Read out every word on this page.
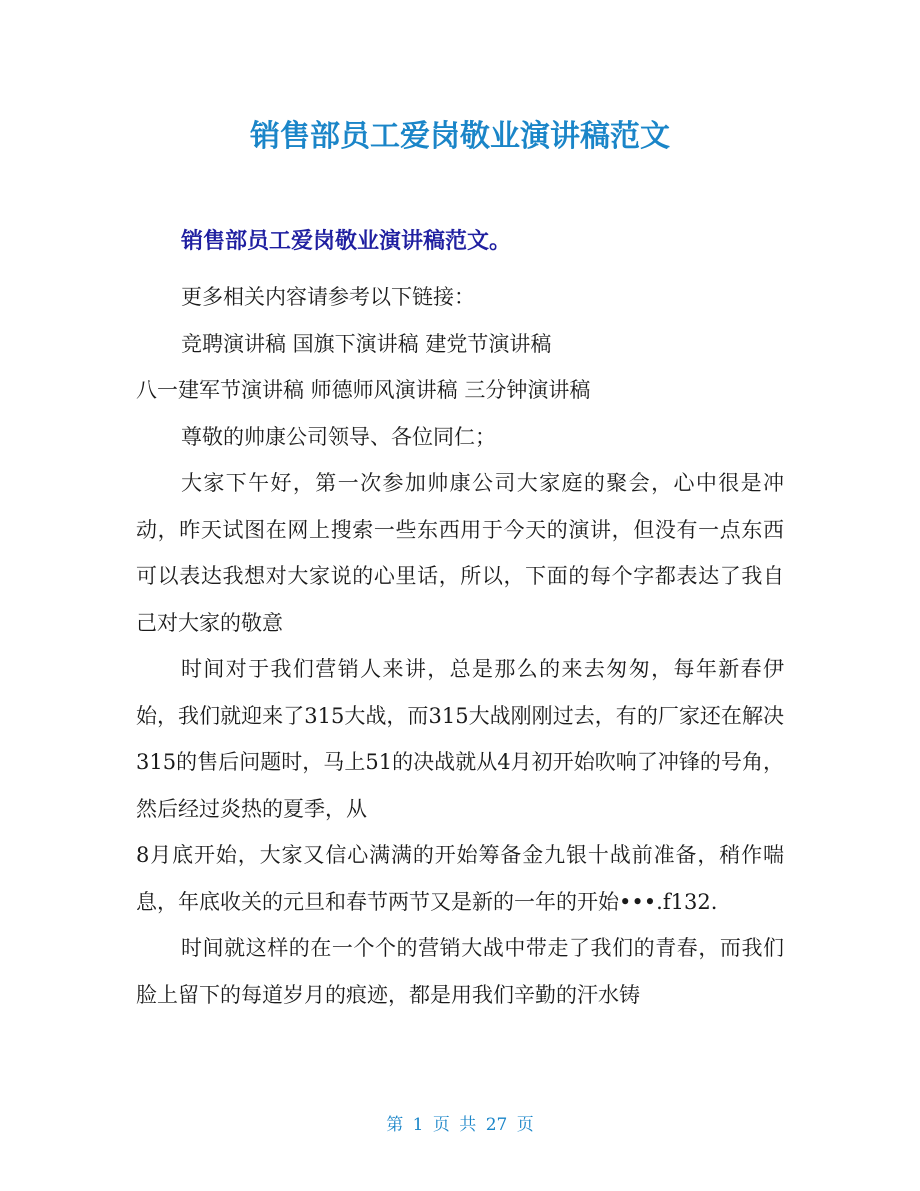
销售部员工爱岗敬业演讲稿范文
销售部员工爱岗敬业演讲稿范文。

更多相关内容请参考以下链接：

竞聘演讲稿 国旗下演讲稿 建党节演讲稿

八一建军节演讲稿 师德师风演讲稿 三分钟演讲稿

尊敬的帅康公司领导、各位同仁；

大家下午好，第一次参加帅康公司大家庭的聚会，心中很是冲动，昨天试图在网上搜索一些东西用于今天的演讲，但没有一点东西可以表达我想对大家说的心里话，所以，下面的每个字都表达了我自己对大家的敬意

时间对于我们营销人来讲，总是那么的来去匆匆，每年新春伊始，我们就迎来了315大战，而315大战刚刚过去，有的厂家还在解决315的售后问题时，马上51的决战就从4月初开始吹响了冲锋的号角，然后经过炎热的夏季，从

8月底开始，大家又信心满满的开始筹备金九银十战前准备，稍作喘息，年底收关的元旦和春节两节又是新的一年的开始•••.f132.

时间就这样的在一个个的营销大战中带走了我们的青春，而我们脸上留下的每道岁月的痕迹，都是用我们辛勤的汗水铸

第 1 页 共 27 页
